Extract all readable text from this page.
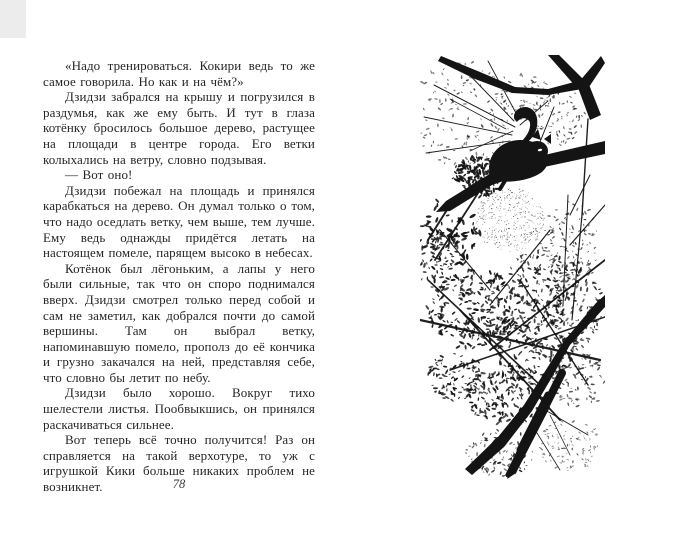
«Надо тренироваться. Кокири ведь то же самое говорила. Но как и на чём?»

Дзидзи забрался на крышу и погрузился в раздумья, как же ему быть. И тут в глаза котёнку бросилось большое дерево, растущее на площади в центре города. Его ветки колыхались на ветру, словно подзывая.

— Вот оно!

Дзидзи побежал на площадь и принялся карабкаться на дерево. Он думал только о том, что надо оседлать ветку, чем выше, тем лучше. Ему ведь однажды придётся летать на настоящем помеле, парящем высоко в небесах.

Котёнок был лёгоньким, а лапы у него были сильные, так что он споро поднимался вверх. Дзидзи смотрел только перед собой и сам не заметил, как добрался почти до самой вершины. Там он выбрал ветку, напоминавшую помело, прополз до её кончика и грузно закачался на ней, представляя себе, что словно бы летит по небу.

Дзидзи было хорошо. Вокруг тихо шелестели листья. Пообвыкшись, он принялся раскачиваться сильнее.

Вот теперь всё точно получится! Раз он справляется на такой верхотуре, то уж с игрушкой Кики больше никаких проблем не возникнет.	78
